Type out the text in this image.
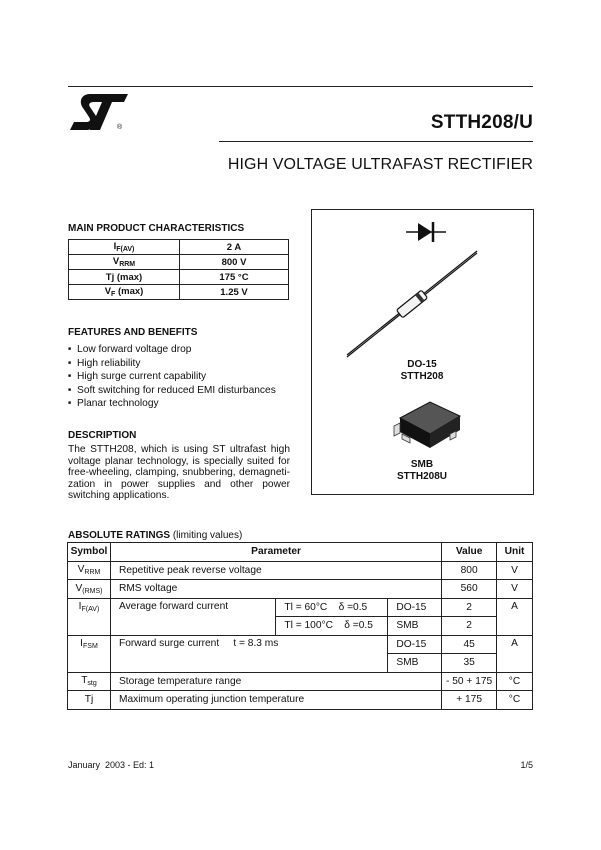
®	STTH208/U
HIGH VOLTAGE ULTRAFAST RECTIFIER
MAIN PRODUCT CHARACTERISTICS
$I_{F(AV)}$	2 A
$V_{RRM}$	800 V
Tj (max)	175 °C
$V_F$ (max)	1.25 V
FEATURES AND BENEFITS
■ Low forward voltage drop
■ High reliability
■ High surge current capability
■ Soft switching for reduced EMI disturbances
■ Planar technology
DESCRIPTION
The STTH208, which is using ST ultrafast high voltage planar technology, is specially suited for free-wheeling, clamping, snubbering, demagneti-zation in power supplies and other power switching applications.
DO-15
STTH208
SMB
STTH208U
ABSOLUTE RATINGS (limiting values)
Symbol	Parameter			Value	Unit
$V_{RRM}$	Repetitive peak reverse voltage			800	V
$V_{(RMS)}$	RMS voltage			560	V
$I_{F(AV)}$	Average forward current	Tl = 60°C    δ =0.5	DO-15	2	A
		Tl = 100°C    δ =0.5	SMB	2	
$I_{FSM}$	Forward surge current     t = 8.3 ms		DO-15	45	A
			SMB	35	
$T_{stg}$	Storage temperature range			- 50 + 175	°C
Tj	Maximum operating junction temperature			+ 175	°C
January  2003 - Ed: 1	1/5
